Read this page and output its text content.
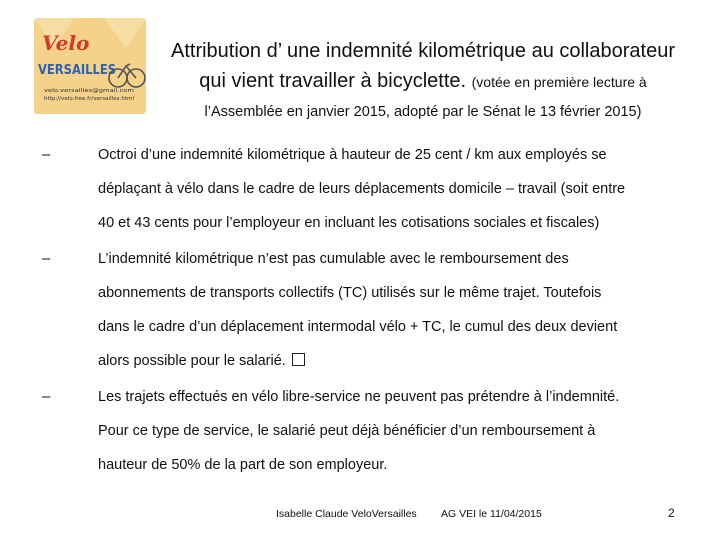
Velo
VERSAILLES
velo.versailles@gmail.com
http://velo.free.fr/versailles.html
Attribution d’ une indemnité kilométrique au collaborateur
qui vient travailler à bicyclette. (votée en première lecture à
l’Assemblée en janvier 2015, adopté par le Sénat le 13 février 2015)
–	Octroi d’une indemnité kilométrique à hauteur de 25 cent / km aux employés se
déplaçant à vélo dans le cadre de leurs déplacements domicile – travail (soit entre
40 et 43 cents pour l’employeur en incluant les cotisations sociales et fiscales)
–	L’indemnité kilométrique n’est pas cumulable avec le remboursement des
abonnements de transports collectifs (TC) utilisés sur le même trajet. Toutefois
dans le cadre d’un déplacement intermodal vélo + TC, le cumul des deux devient
alors possible pour le salarié.
–	Les trajets effectués en vélo libre-service ne peuvent pas prétendre à l’indemnité.
Pour ce type de service, le salarié peut déjà bénéficier d’un remboursement à
hauteur de 50% de la part de son employeur.
Isabelle Claude VeloVersailles AG VEI le 11/04/2015	2
